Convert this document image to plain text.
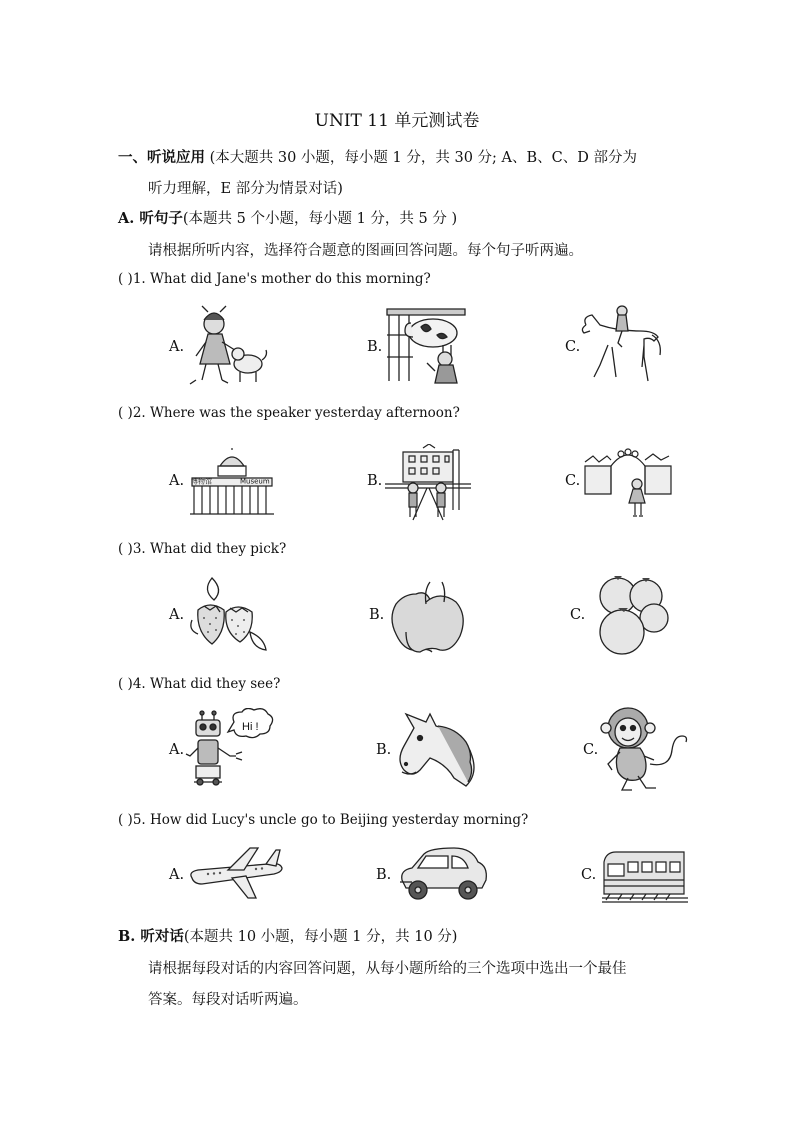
UNIT 11 单元测试卷
一、听说应用 (本大题共 30 小题，每小题 1 分，共 30 分; A、B、C、D 部分为
听力理解，E 部分为情景对话)
A. 听句子(本题共 5 个小题，每小题 1 分，共 5 分 )
请根据所听内容，选择符合题意的图画回答问题。每个句子听两遍。
( )1. What did Jane's mother do this morning?
A.	B.	C.
( )2. Where was the speaker yesterday afternoon?
A.	B.	C.
博物馆	Museum
( )3. What did they pick?
A.	B.	C.
( )4. What did they see?
A.	B.	C.
Hi !
( )5. How did Lucy's uncle go to Beijing yesterday morning?
A.	B.	C.
B. 听对话(本题共 10 小题，每小题 1 分，共 10 分)
请根据每段对话的内容回答问题，从每小题所给的三个选项中选出一个最佳
答案。每段对话听两遍。
